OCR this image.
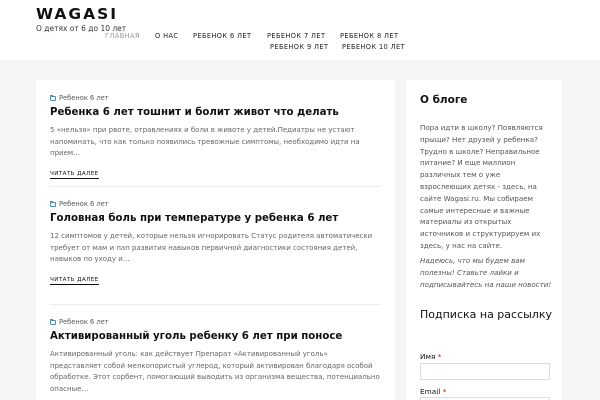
WAGASI
О детях от 6 до 10 лет
ГЛАВНАЯ О НАС РЕБЕНОК 6 ЛЕТ РЕБЕНОК 7 ЛЕТ РЕБЕНОК 8 ЛЕТ
РЕБЕНОК 9 ЛЕТ РЕБЕНОК 10 ЛЕТ
Ребенок 6 лет
Ребенка 6 лет тошнит и болит живот что делать
5 «нельзя» при рвоте, отравлениях и боли в животе у детей.Педиатры не устают напоминать, что как только появились тревожные симптомы, необходимо идти на прием…
ЧИТАТЬ ДАЛЕЕ
Ребенок 6 лет
Головная боль при температуре у ребенка 6 лет
12 симптомов у детей, которые нельзя игнорировать Статус родителя автоматически требует от мам и пап развития навыков первичной диагностики состояния детей, навыков по уходу и…
ЧИТАТЬ ДАЛЕЕ
Ребенок 6 лет
Активированный уголь ребенку 6 лет при поносе
Активированный уголь: как действует Препарат «Активированный уголь» представляет собой мелкопористый углерод, который активирован благодаря особой обработке. Этот сорбент, помогающий выводить из организма вещества, потенциально опасные…
О блоге
Пора идти в школу? Появляются прыщи? Нет друзей у ребенка? Трудно в школе? Неправильное питание? И еще миллион различных тем о уже взрослеющих детях - здесь, на сайте Wagasi.ru. Мы собираем самые интересные и важные материалы из открытых источников и структурируем их здесь, у нас на сайте.
Надеюсь, что мы будем вам полезны! Ставьте лайки и подписывайтесь на наши новости!
Подписка на рассылку
Имя *
Email *
